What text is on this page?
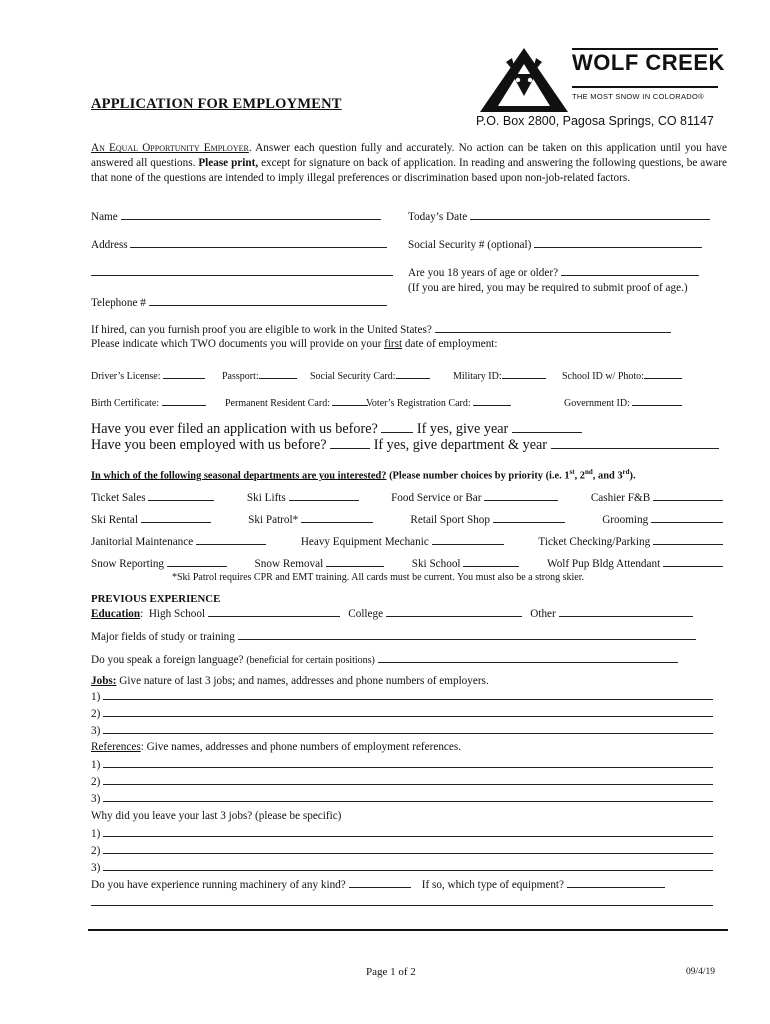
APPLICATION FOR EMPLOYMENT
WOLF CREEK
THE MOST SNOW IN COLORADO®
P.O. Box 2800, Pagosa Springs, CO 81147
An Equal Opportunity Employer. Answer each question fully and accurately. No action can be taken on this application until you have answered all questions. Please print, except for signature on back of application. In reading and answering the following questions, be aware that none of the questions are intended to imply illegal preferences or discrimination based upon non-job-related factors.
Name	Today’s Date
Address	Social Security # (optional)
Are you 18 years of age or older?
(If you are hired, you may be required to submit proof of age.)
Telephone #
If hired, can you furnish proof you are eligible to work in the United States?
Please indicate which TWO documents you will provide on your first date of employment:
Driver’s License:	Passport:	Social Security Card:	Military ID:	School ID w/ Photo:
Birth Certificate:	Permanent Resident Card:	Voter’s Registration Card:	Government ID:
Have you ever filed an application with us before?	If yes, give year
Have you been employed with us before?	If yes, give department & year
In which of the following seasonal departments are you interested? (Please number choices by priority (i.e. 1st, 2nd, and 3rd).
Ticket Sales	Ski Lifts	Food Service or Bar	Cashier F&B
Ski Rental	Ski Patrol*	Retail Sport Shop	Grooming
Janitorial Maintenance	Heavy Equipment Mechanic	Ticket Checking/Parking
Snow Reporting	Snow Removal	Ski School	Wolf Pup Bldg Attendant
*Ski Patrol requires CPR and EMT training. All cards must be current. You must also be a strong skier.
PREVIOUS EXPERIENCE
Education:  High School	College	Other
Major fields of study or training
Do you speak a foreign language? (beneficial for certain positions)
Jobs: Give nature of last 3 jobs; and names, addresses and phone numbers of employers.
1)
2)
3)
References: Give names, addresses and phone numbers of employment references.
1)
2)
3)
Why did you leave your last 3 jobs? (please be specific)
1)
2)
3)
Do you have experience running machinery of any kind?	If so, which type of equipment?
Page 1 of 2	09/4/19
